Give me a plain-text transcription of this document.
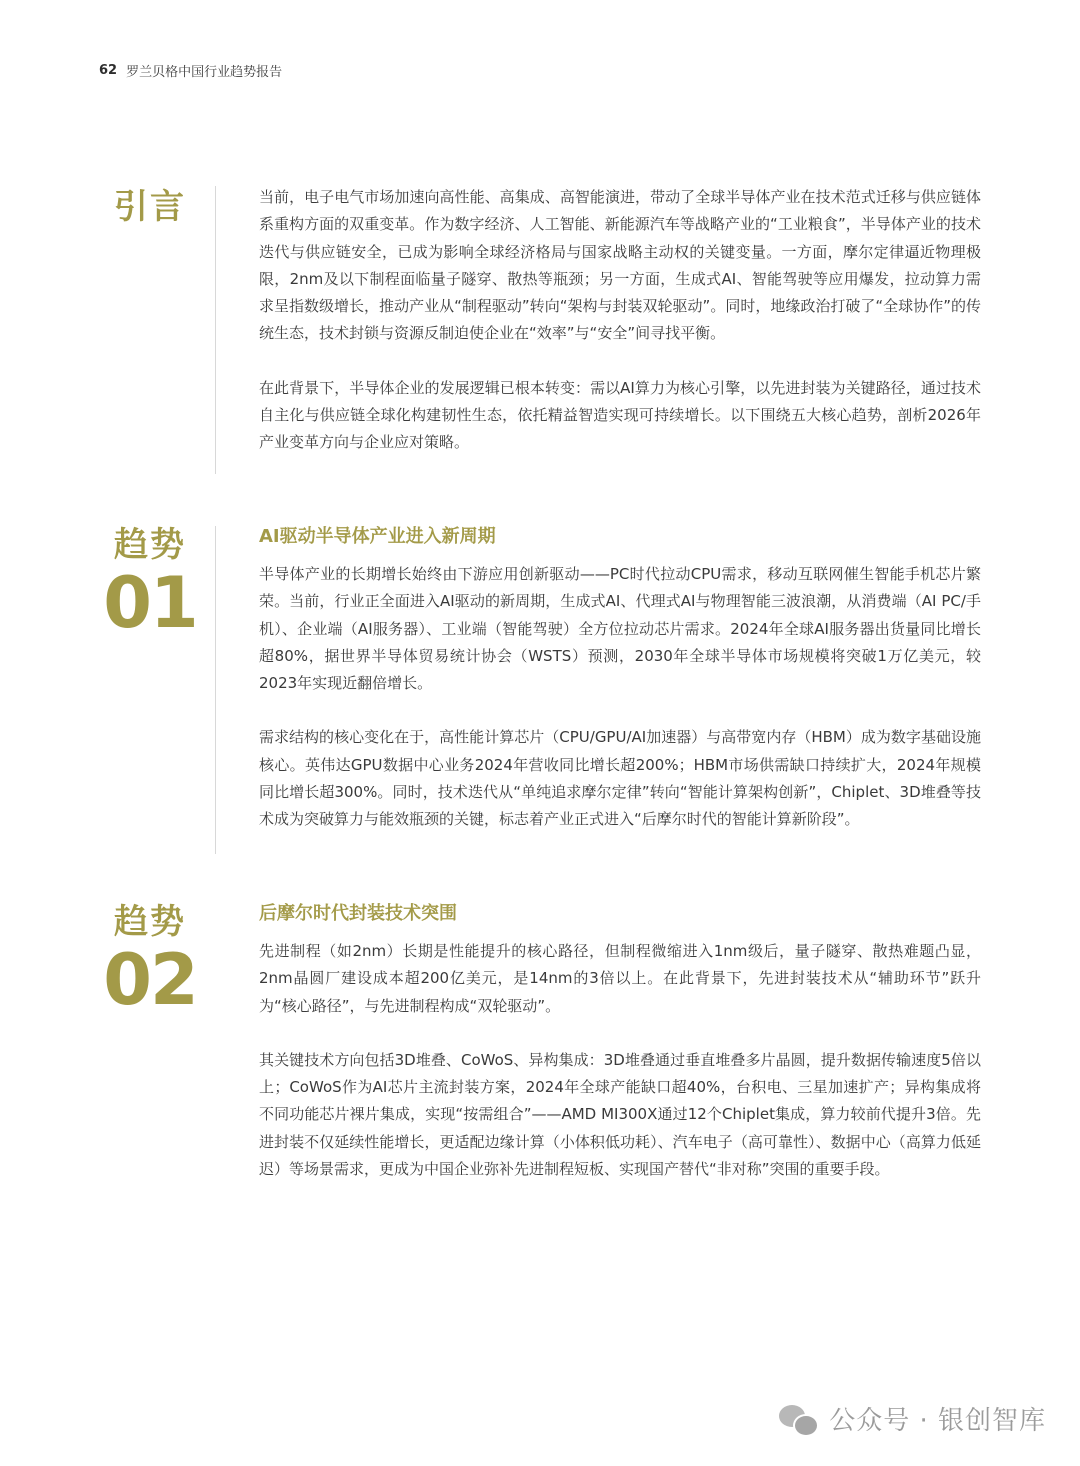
62 罗兰贝格中国行业趋势报告
引言	当前，电子电气市场加速向高性能、高集成、高智能演进，带动了全球半导体产业在技术范式迁移与供应链体系重构方面的双重变革。作为数字经济、人工智能、新能源汽车等战略产业的“工业粮食”，半导体产业的技术迭代与供应链安全，已成为影响全球经济格局与国家战略主动权的关键变量。一方面，摩尔定律逼近物理极限，2nm及以下制程面临量子隧穿、散热等瓶颈；另一方面，生成式AI、智能驾驶等应用爆发，拉动算力需求呈指数级增长，推动产业从“制程驱动”转向“架构与封装双轮驱动”。同时，地缘政治打破了“全球协作”的传统生态，技术封锁与资源反制迫使企业在“效率”与“安全”间寻找平衡。

在此背景下，半导体企业的发展逻辑已根本转变：需以AI算力为核心引擎，以先进封装为关键路径，通过技术自主化与供应链全球化构建韧性生态，依托精益智造实现可持续增长。以下围绕五大核心趋势，剖析2026年产业变革方向与企业应对策略。

趋势
01
AI驱动半导体产业进入新周期

半导体产业的长期增长始终由下游应用创新驱动——PC时代拉动CPU需求，移动互联网催生智能手机芯片繁荣。当前，行业正全面进入AI驱动的新周期，生成式AI、代理式AI与物理智能三波浪潮，从消费端（AI PC/手机）、企业端（AI服务器）、工业端（智能驾驶）全方位拉动芯片需求。2024年全球AI服务器出货量同比增长超80%，据世界半导体贸易统计协会（WSTS）预测，2030年全球半导体市场规模将突破1万亿美元，较2023年实现近翻倍增长。

需求结构的核心变化在于，高性能计算芯片（CPU/GPU/AI加速器）与高带宽内存（HBM）成为数字基础设施核心。英伟达GPU数据中心业务2024年营收同比增长超200%；HBM市场供需缺口持续扩大，2024年规模同比增长超300%。同时，技术迭代从“单纯追求摩尔定律”转向“智能计算架构创新”，Chiplet、3D堆叠等技术成为突破算力与能效瓶颈的关键，标志着产业正式进入“后摩尔时代的智能计算新阶段”。

趋势
02
后摩尔时代封装技术突围

先进制程（如2nm）长期是性能提升的核心路径，但制程微缩进入1nm级后，量子隧穿、散热难题凸显，2nm晶圆厂建设成本超200亿美元，是14nm的3倍以上。在此背景下，先进封装技术从“辅助环节”跃升为“核心路径”，与先进制程构成“双轮驱动”。

其关键技术方向包括3D堆叠、CoWoS、异构集成：3D堆叠通过垂直堆叠多片晶圆，提升数据传输速度5倍以上；CoWoS作为AI芯片主流封装方案，2024年全球产能缺口超40%，台积电、三星加速扩产；异构集成将不同功能芯片裸片集成，实现“按需组合”——AMD MI300X通过12个Chiplet集成，算力较前代提升3倍。先进封装不仅延续性能增长，更适配边缘计算（小体积低功耗）、汽车电子（高可靠性）、数据中心（高算力低延迟）等场景需求，更成为中国企业弥补先进制程短板、实现国产替代“非对称”突围的重要手段。

公众号 · 银创智库
